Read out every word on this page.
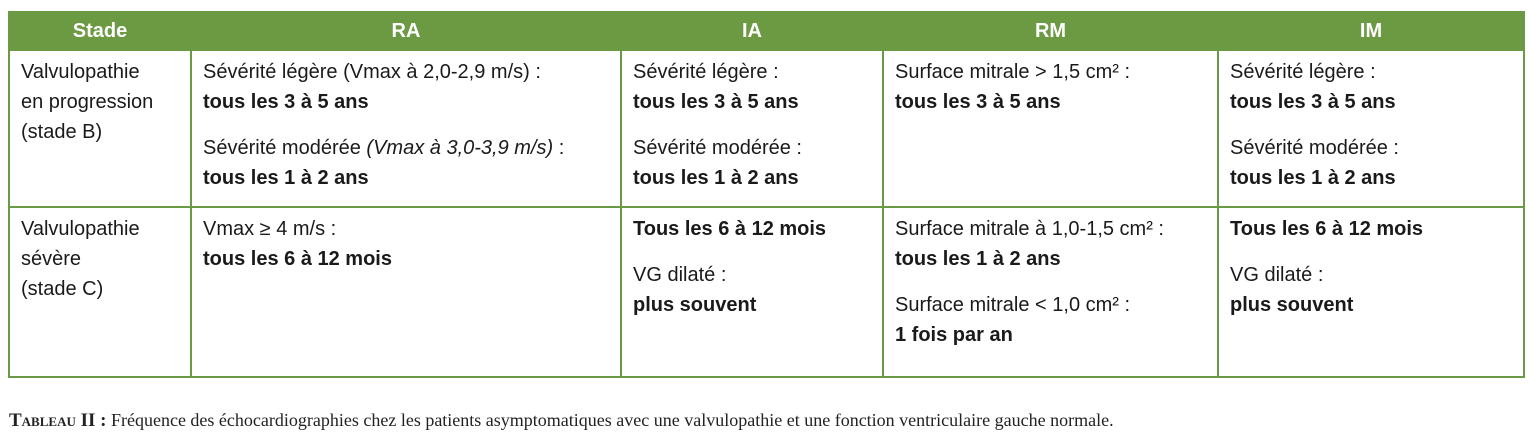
Stade	RA	IA	RM	IM

Valvulopathie
en progression
(stade B)	Sévérité légère (Vmax à 2,0-2,9 m/s) :
tous les 3 à 5 ans
Sévérité modérée (Vmax à 3,0-3,9 m/s) :
tous les 1 à 2 ans	Sévérité légère :
tous les 3 à 5 ans
Sévérité modérée :
tous les 1 à 2 ans	Surface mitrale > 1,5 cm² :
tous les 3 à 5 ans	Sévérité légère :
tous les 3 à 5 ans
Sévérité modérée :
tous les 1 à 2 ans

Valvulopathie
sévère
(stade C)	Vmax ≥ 4 m/s :
tous les 6 à 12 mois	Tous les 6 à 12 mois
VG dilaté :
plus souvent	Surface mitrale à 1,0-1,5 cm² :
tous les 1 à 2 ans
Surface mitrale < 1,0 cm² :
1 fois par an	Tous les 6 à 12 mois
VG dilaté :
plus souvent
Tableau II : Fréquence des échocardiographies chez les patients asymptomatiques avec une valvulopathie et une fonction ventriculaire gauche normale.
